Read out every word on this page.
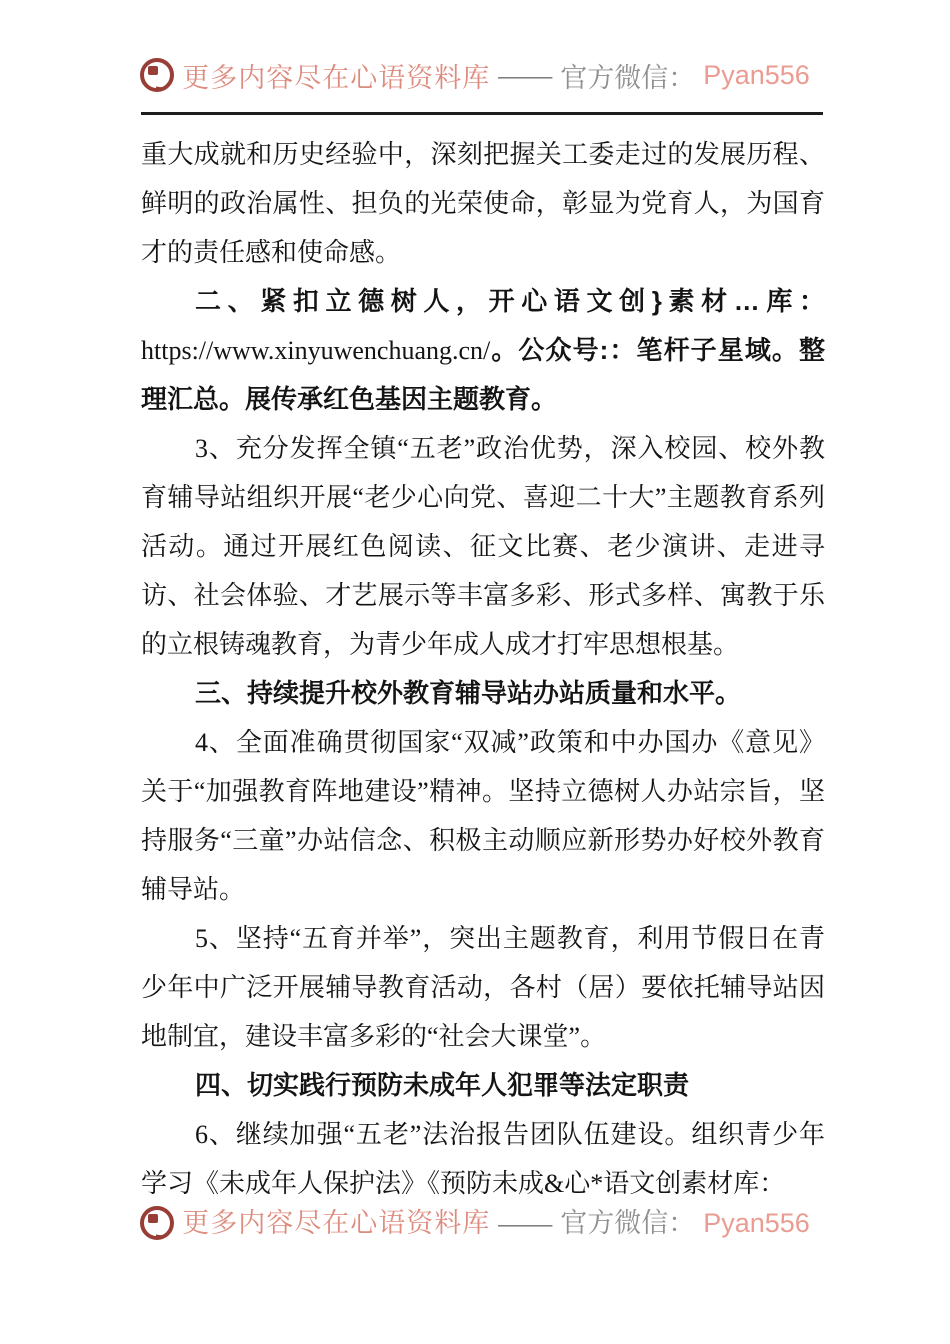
更多内容尽在心语资料库 —— 官方微信： Pyan556

重大成就和历史经验中，深刻把握关工委走过的发展历程、鲜明的政治属性、担负的光荣使命，彰显为党育人，为国育才的责任感和使命感。

二、紧扣立德树人，开心语文创}素材…库：https://www.xinyuwenchuang.cn/。公众号:：笔杆子星域。整理汇总。展传承红色基因主题教育。

3、充分发挥全镇“五老”政治优势，深入校园、校外教育辅导站组织开展“老少心向党、喜迎二十大”主题教育系列活动。通过开展红色阅读、征文比赛、老少演讲、走进寻访、社会体验、才艺展示等丰富多彩、形式多样、寓教于乐的立根铸魂教育，为青少年成人成才打牢思想根基。

三、持续提升校外教育辅导站办站质量和水平。

4、全面准确贯彻国家“双减”政策和中办国办《意见》关于“加强教育阵地建设”精神。坚持立德树人办站宗旨，坚持服务“三童”办站信念、积极主动顺应新形势办好校外教育辅导站。

5、坚持“五育并举”，突出主题教育，利用节假日在青少年中广泛开展辅导教育活动，各村（居）要依托辅导站因地制宜，建设丰富多彩的“社会大课堂”。

四、切实践行预防未成年人犯罪等法定职责

6、继续加强“五老”法治报告团队伍建设。组织青少年学习《未成年人保护法》《预防未成&心*语文创素材库：

更多内容尽在心语资料库 —— 官方微信： Pyan556
